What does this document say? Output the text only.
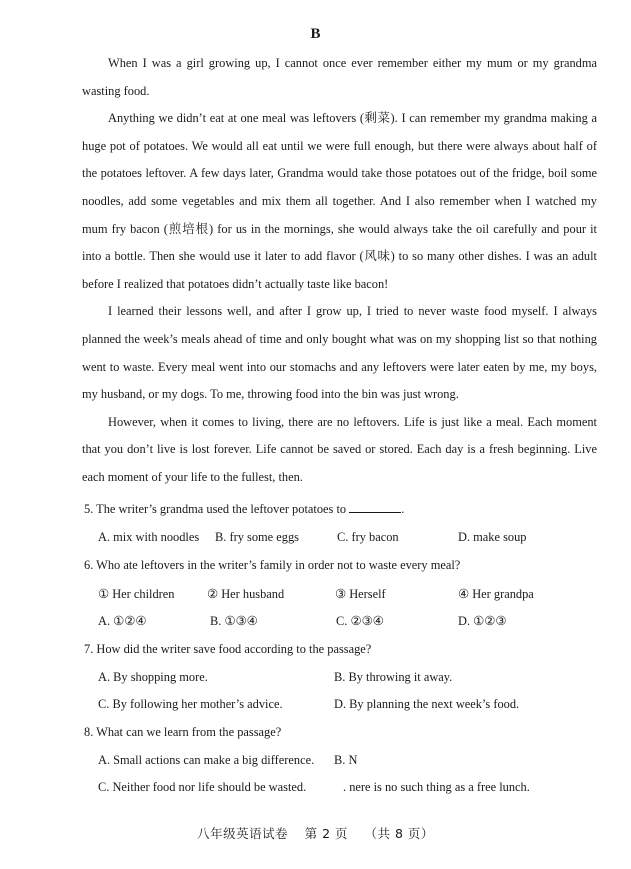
B

When I was a girl growing up, I cannot once ever remember either my mum or my grandma wasting food.

Anything we didn’t eat at one meal was leftovers (剩菜). I can remember my grandma making a huge pot of potatoes. We would all eat until we were full enough, but there were always about half of the potatoes leftover. A few days later, Grandma would take those potatoes out of the fridge, boil some noodles, add some vegetables and mix them all together. And I also remember when I watched my mum fry bacon (煎培根) for us in the mornings, she would always take the oil carefully and pour it into a bottle. Then she would use it later to add flavor (风味) to so many other dishes. I was an adult before I realized that potatoes didn’t actually taste like bacon!

I learned their lessons well, and after I grow up, I tried to never waste food myself. I always planned the week’s meals ahead of time and only bought what was on my shopping list so that nothing went to waste. Every meal went into our stomachs and any leftovers were later eaten by me, my boys, my husband, or my dogs. To me, throwing food into the bin was just wrong.

However, when it comes to living, there are no leftovers. Life is just like a meal. Each moment that you don’t live is lost forever. Life cannot be saved or stored. Each day is a fresh beginning. Live each moment of your life to the fullest, then.

5. The writer’s grandma used the leftover potatoes to	.
A. mix with noodles B. fry some eggs	C. fry bacon	D. make soup
6. Who ate leftovers in the writer’s family in order not to waste every meal?
① Her children	② Her husband	③ Herself	④ Her grandpa
A. ①②④	B. ①③④	C. ②③④	D. ①②③
7. How did the writer save food according to the passage?
A. By shopping more.	B. By throwing it away.
C. By following her mother’s advice.	D. By planning the next week’s food.
8. What can we learn from the passage?
A. Small actions can make a big difference. B. N
C. Neither food nor life should be wasted.	. nere is no such thing as a free lunch.
八年级英语试卷 第 2 页 （共 8 页）
